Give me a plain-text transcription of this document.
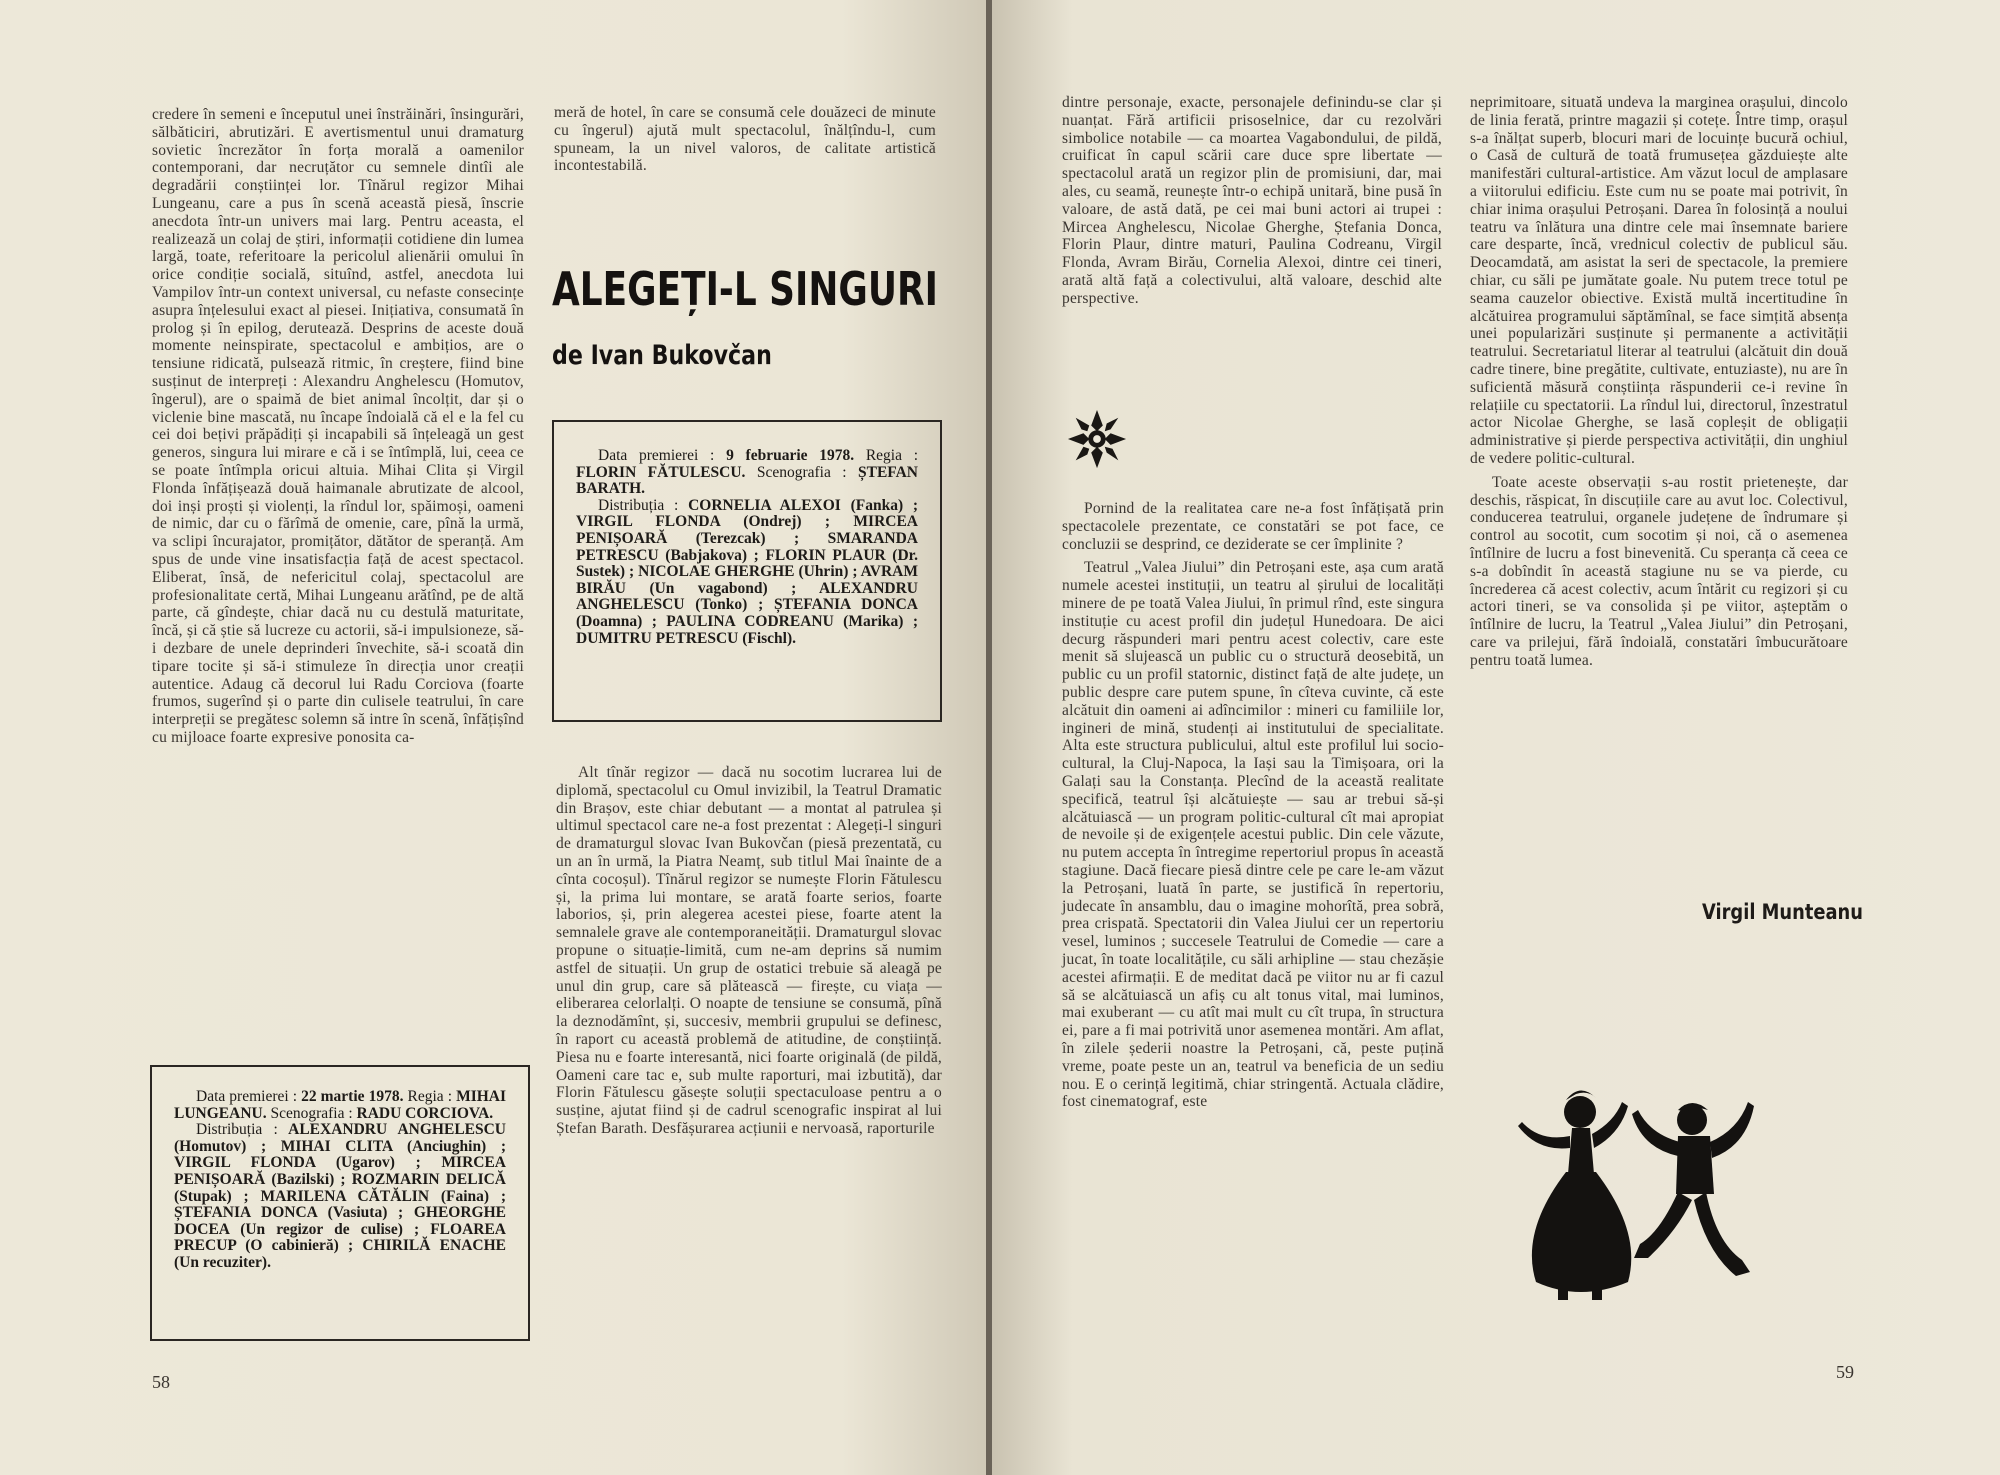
credere în semeni e începutul unei înstrăinări, însingurări, sălbăticiri, abrutizări. E avertismentul unui dramaturg sovietic încrezător în forța morală a oamenilor contemporani, dar necruțător cu semnele dintîi ale degradării conștiinței lor. Tînărul regizor Mihai Lungeanu, care a pus în scenă această piesă, înscrie anecdota într-un univers mai larg. Pentru aceasta, el realizează un colaj de știri, informații cotidiene din lumea largă, toate, referitoare la pericolul alienării omului în orice condiție socială, situînd, astfel, anecdota lui Vampilov într-un context universal, cu nefaste consecințe asupra înțelesului exact al piesei. Inițiativa, consumată în prolog și în epilog, derutează. Desprins de aceste două momente neinspirate, spectacolul e ambițios, are o tensiune ridicată, pulsează ritmic, în creștere, fiind bine susținut de interpreți : Alexandru Anghelescu (Homutov, îngerul), are o spaimă de biet animal încolțit, dar și o viclenie bine mascată, nu încape îndoială că el e la fel cu cei doi bețivi prăpădiți și incapabili să înțeleagă un gest generos, singura lui mirare e că i se întîmplă, lui, ceea ce se poate întîmpla oricui altuia. Mihai Clita și Virgil Flonda înfățișează două haimanale abrutizate de alcool, doi inși proști și violenți, la rîndul lor, spăimoși, oameni de nimic, dar cu o fărîmă de omenie, care, pînă la urmă, va sclipi încurajator, promițător, dătător de speranță. Am spus de unde vine insatisfacția față de acest spectacol. Eliberat, însă, de nefericitul colaj, spectacolul are profesionalitate certă, Mihai Lungeanu arătînd, pe de altă parte, că gîndește, chiar dacă nu cu destulă maturitate, încă, și că știe să lucreze cu actorii, să-i impulsioneze, să-i dezbare de unele deprinderi învechite, să-i scoată din tipare tocite și să-i stimuleze în direcția unor creații autentice. Adaug că decorul lui Radu Corciova (foarte frumos, sugerînd și o parte din culisele teatrului, în care interpreții se pregătesc solemn să intre în scenă, înfățișînd cu mijloace foarte expresive ponosita ca-

Data premierei : 22 martie 1978. Regia : MIHAI LUNGEANU. Scenografia : RADU CORCIOVA.
Distribuția : ALEXANDRU ANGHELESCU (Homutov) ; MIHAI CLITA (Anciughin) ; VIRGIL FLONDA (Ugarov) ; MIRCEA PENIȘOARĂ (Bazilski) ; ROZMARIN DELICĂ (Stupak) ; MARILENA CĂTĂLIN (Faina) ; ȘTEFANIA DONCA (Vasiuta) ; GHEORGHE DOCEA (Un regizor de culise) ; FLOAREA PRECUP (O cabinieră) ; CHIRILĂ ENACHE (Un recuziter).

meră de hotel, în care se consumă cele douăzeci de minute cu îngerul) ajută mult spectacolul, înălțîndu-l, cum spuneam, la un nivel valoros, de calitate artistică incontestabilă.

ALEGEȚI-L SINGURI
de Ivan Bukovčan
Data premierei : 9 februarie 1978. Regia : FLORIN FĂTULESCU. Scenografia : ȘTEFAN BARATH.
Distribuția : CORNELIA ALEXOI (Fanka) ; VIRGIL FLONDA (Ondrej) ; MIRCEA PENIȘOARĂ (Terezcak) ; SMARANDA PETRESCU (Babjakova) ; FLORIN PLAUR (Dr. Sustek) ; NICOLAE GHERGHE (Uhrin) ; AVRAM BIRĂU (Un vagabond) ; ALEXANDRU ANGHELESCU (Tonko) ; ȘTEFANIA DONCA (Doamna) ; PAULINA CODREANU (Marika) ; DUMITRU PETRESCU (Fischl).

Alt tînăr regizor — dacă nu socotim lucrarea lui de diplomă, spectacolul cu Omul invizibil, la Teatrul Dramatic din Brașov, este chiar debutant — a montat al patrulea și ultimul spectacol care ne-a fost prezentat : Alegeți-l singuri de dramaturgul slovac Ivan Bukovčan (piesă prezentată, cu un an în urmă, la Piatra Neamț, sub titlul Mai înainte de a cînta cocoșul). Tînărul regizor se numește Florin Fătulescu și, la prima lui montare, se arată foarte serios, foarte laborios, și, prin alegerea acestei piese, foarte atent la semnalele grave ale contemporaneității. Dramaturgul slovac propune o situație-limită, cum ne-am deprins să numim astfel de situații. Un grup de ostatici trebuie să aleagă pe unul din grup, care să plătească — firește, cu viața — eliberarea celorlalți. O noapte de tensiune se consumă, pînă la deznodămînt, și, succesiv, membrii grupului se definesc, în raport cu această problemă de atitudine, de conștiință. Piesa nu e foarte interesantă, nici foarte originală (de pildă, Oameni care tac e, sub multe raporturi, mai izbutită), dar Florin Fătulescu găsește soluții spectaculoase pentru a o susține, ajutat fiind și de cadrul scenografic inspirat al lui Ștefan Barath. Desfășurarea acțiunii e nervoasă, raporturile

58

dintre personaje, exacte, personajele definindu-se clar și nuanțat. Fără artificii prisoselnice, dar cu rezolvări simbolice notabile — ca moartea Vagabondului, de pildă, cruificat în capul scării care duce spre libertate — spectacolul arată un regizor plin de promisiuni, dar, mai ales, cu seamă, reunește într-o echipă unitară, bine pusă în valoare, de astă dată, pe cei mai buni actori ai trupei : Mircea Anghelescu, Nicolae Gherghe, Ștefania Donca, Florin Plaur, dintre maturi, Paulina Codreanu, Virgil Flonda, Avram Birău, Cornelia Alexoi, dintre cei tineri, arată altă față a colectivului, altă valoare, deschid alte perspective.

Pornind de la realitatea care ne-a fost înfățișată prin spectacolele prezentate, ce constatări se pot face, ce concluzii se desprind, ce deziderate se cer împlinite ?

Teatrul „Valea Jiului” din Petroșani este, așa cum arată numele acestei instituții, un teatru al șirului de localități minere de pe toată Valea Jiului, în primul rînd, este singura instituție cu acest profil din județul Hunedoara. De aici decurg răspunderi mari pentru acest colectiv, care este menit să slujească un public cu o structură deosebită, un public cu un profil statornic, distinct față de alte județe, un public despre care putem spune, în cîteva cuvinte, că este alcătuit din oameni ai adîncimilor : mineri cu familiile lor, ingineri de mină, studenți ai institutului de specialitate. Alta este structura publicului, altul este profilul lui socio-cultural, la Cluj-Napoca, la Iași sau la Timișoara, ori la Galați sau la Constanța. Plecînd de la această realitate specifică, teatrul își alcătuiește — sau ar trebui să-și alcătuiască — un program politic-cultural cît mai apropiat de nevoile și de exigențele acestui public. Din cele văzute, nu putem accepta în întregime repertoriul propus în această stagiune. Dacă fiecare piesă dintre cele pe care le-am văzut la Petroșani, luată în parte, se justifică în repertoriu, judecate în ansamblu, dau o imagine mohorîtă, prea sobră, prea crispată. Spectatorii din Valea Jiului cer un repertoriu vesel, luminos ; succesele Teatrului de Comedie — care a jucat, în toate localitățile, cu săli arhipline — stau chezășie acestei afirmații. E de meditat dacă pe viitor nu ar fi cazul să se alcătuiască un afiș cu alt tonus vital, mai luminos, mai exuberant — cu atît mai mult cu cît trupa, în structura ei, pare a fi mai potrivită unor asemenea montări. Am aflat, în zilele șederii noastre la Petroșani, că, peste puțină vreme, poate peste un an, teatrul va beneficia de un sediu nou. E o cerință legitimă, chiar stringentă. Actuala clădire, fost cinematograf, este

neprimitoare, situată undeva la marginea orașului, dincolo de linia ferată, printre magazii și cotețe. Între timp, orașul s-a înălțat superb, blocuri mari de locuințe bucură ochiul, o Casă de cultură de toată frumusețea găzduiește alte manifestări cultural-artistice. Am văzut locul de amplasare a viitorului edificiu. Este cum nu se poate mai potrivit, în chiar inima orașului Petroșani. Darea în folosință a noului teatru va înlătura una dintre cele mai însemnate bariere care desparte, încă, vrednicul colectiv de publicul său. Deocamdată, am asistat la seri de spectacole, la premiere chiar, cu săli pe jumătate goale. Nu putem trece totul pe seama cauzelor obiective. Există multă incertitudine în alcătuirea programului săptămînal, se face simțită absența unei popularizări susținute și permanente a activității teatrului. Secretariatul literar al teatrului (alcătuit din două cadre tinere, bine pregătite, cultivate, entuziaste), nu are în suficientă măsură conștiința răspunderii ce-i revine în relațiile cu spectatorii. La rîndul lui, directorul, înzestratul actor Nicolae Gherghe, se lasă copleșit de obligații administrative și pierde perspectiva activității, din unghiul de vedere politic-cultural.

Toate aceste observații s-au rostit prietenește, dar deschis, răspicat, în discuțiile care au avut loc. Colectivul, conducerea teatrului, organele județene de îndrumare și control au socotit, cum socotim și noi, că o asemenea întîlnire de lucru a fost binevenită. Cu speranța că ceea ce s-a dobîndit în această stagiune nu se va pierde, cu încrederea că acest colectiv, acum întărit cu regizori și cu actori tineri, se va consolida și pe viitor, așteptăm o întîlnire de lucru, la Teatrul „Valea Jiului” din Petroșani, care va prilejui, fără îndoială, constatări îmbucurătoare pentru toată lumea.

Virgil Munteanu
59
